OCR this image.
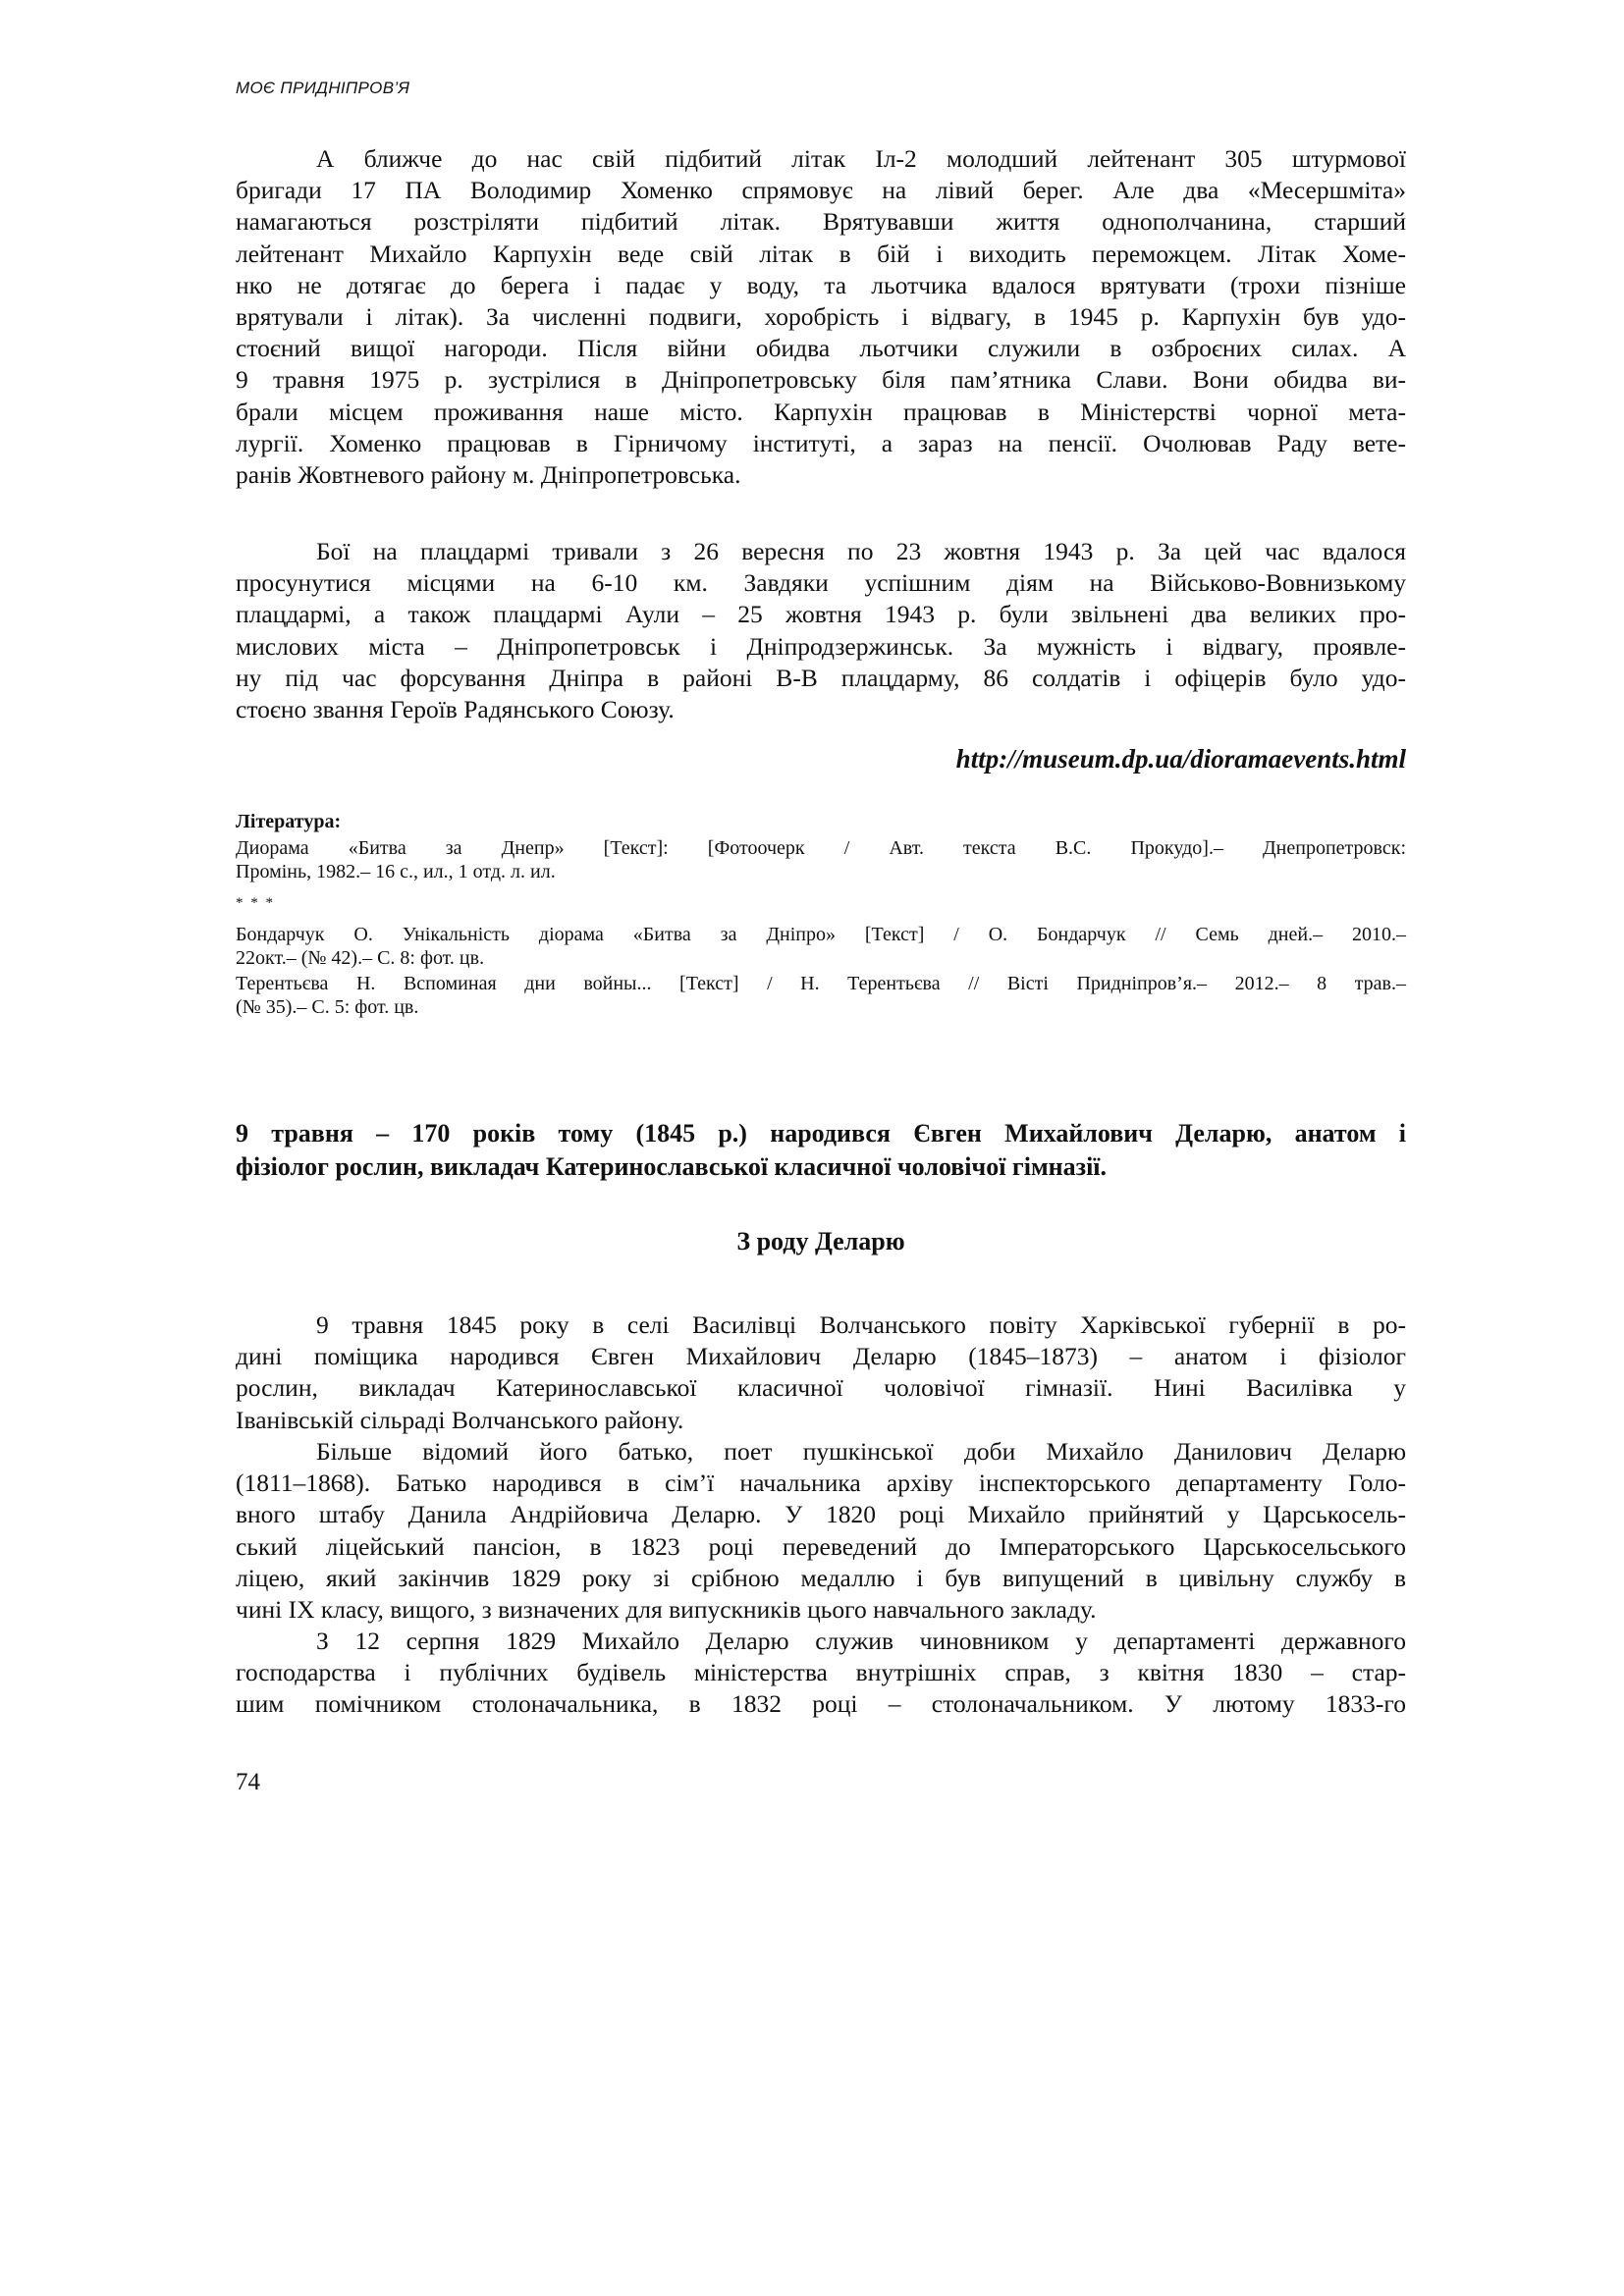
МОЄ ПРИДНІПРОВ’Я
А ближче до нас свій підбитий літак Іл-2 молодший лейтенант 305 штурмової
бригади 17 ПА Володимир Хоменко спрямовує на лівий берег. Але два «Месершміта»
намагаються розстріляти підбитий літак. Врятувавши життя однополчанина, старший
лейтенант Михайло Карпухін веде свій літак в бій і виходить переможцем. Літак Хоме-
нко не дотягає до берега і падає у воду, та льотчика вдалося врятувати (трохи пізніше
врятували і літак). За численні подвиги, хоробрість і відвагу, в 1945 р. Карпухін був удо-
стоєний вищої нагороди. Після війни обидва льотчики служили в озброєних силах. А
9 травня 1975 р. зустрілися в Дніпропетровську біля пам’ятника Слави. Вони обидва ви-
брали місцем проживання наше місто. Карпухін працював в Міністерстві чорної мета-
лургії. Хоменко працював в Гірничому інституті, а зараз на пенсії. Очолював Раду вете-
ранів Жовтневого району м. Дніпропетровська.
Бої на плацдармі тривали з 26 вересня по 23 жовтня 1943 р. За цей час вдалося
просунутися місцями на 6-10 км. Завдяки успішним діям на Військово-Вовнизькому
плацдармі, а також плацдармі Аули – 25 жовтня 1943 р. були звільнені два великих про-
мислових міста – Дніпропетровськ і Дніпродзержинськ. За мужність і відвагу, проявле-
ну під час форсування Дніпра в районі В-В плацдарму, 86 солдатів і офіцерів було удо-
стоєно звання Героїв Радянського Союзу.
http://museum.dp.ua/dioramaevents.html
Література:
Диорама «Битва за Днепр» [Текст]: [Фотоочерк / Авт. текста В.С. Прокудо].– Днепропетровск:
Промінь, 1982.– 16 с., ил., 1 отд. л. ил.
* * *
Бондарчук О. Унікальність діорама «Битва за Дніпро» [Текст] / О. Бондарчук // Семь дней.– 2010.–
22окт.– (№ 42).– С. 8: фот. цв.
Терентьєва Н. Вспоминая дни войны... [Текст] / Н. Терентьєва // Вісті Придніпров’я.– 2012.– 8 трав.–
(№ 35).– С. 5: фот. цв.
9 травня – 170 років тому (1845 р.) народився Євген Михайлович Деларю, анатом і
фізіолог рослин, викладач Катеринославської класичної чоловічої гімназії.
З роду Деларю
9 травня 1845 року в селі Василівці Волчанського повіту Харківської губернії в ро-
дині поміщика народився Євген Михайлович Деларю (1845–1873) – анатом і фізіолог
рослин, викладач Катеринославської класичної чоловічої гімназії. Нині Василівка у
Іванівській сільраді Волчанського району.
Більше відомий його батько, поет пушкінської доби Михайло Данилович Деларю
(1811–1868). Батько народився в сім’ї начальника архіву інспекторського департаменту Голо-
вного штабу Данила Андрійовича Деларю. У 1820 році Михайло прийнятий у Царськосель-
ський ліцейський пансіон, в 1823 році переведений до Імператорського Царськосельського
ліцею, який закінчив 1829 року зі срібною медаллю і був випущений в цивільну службу в
чині IX класу, вищого, з визначених для випускників цього навчального закладу.
З 12 серпня 1829 Михайло Деларю служив чиновником у департаменті державного
господарства і публічних будівель міністерства внутрішніх справ, з квітня 1830 – стар-
шим помічником столоначальника, в 1832 році – столоначальником. У лютому 1833-го
74
